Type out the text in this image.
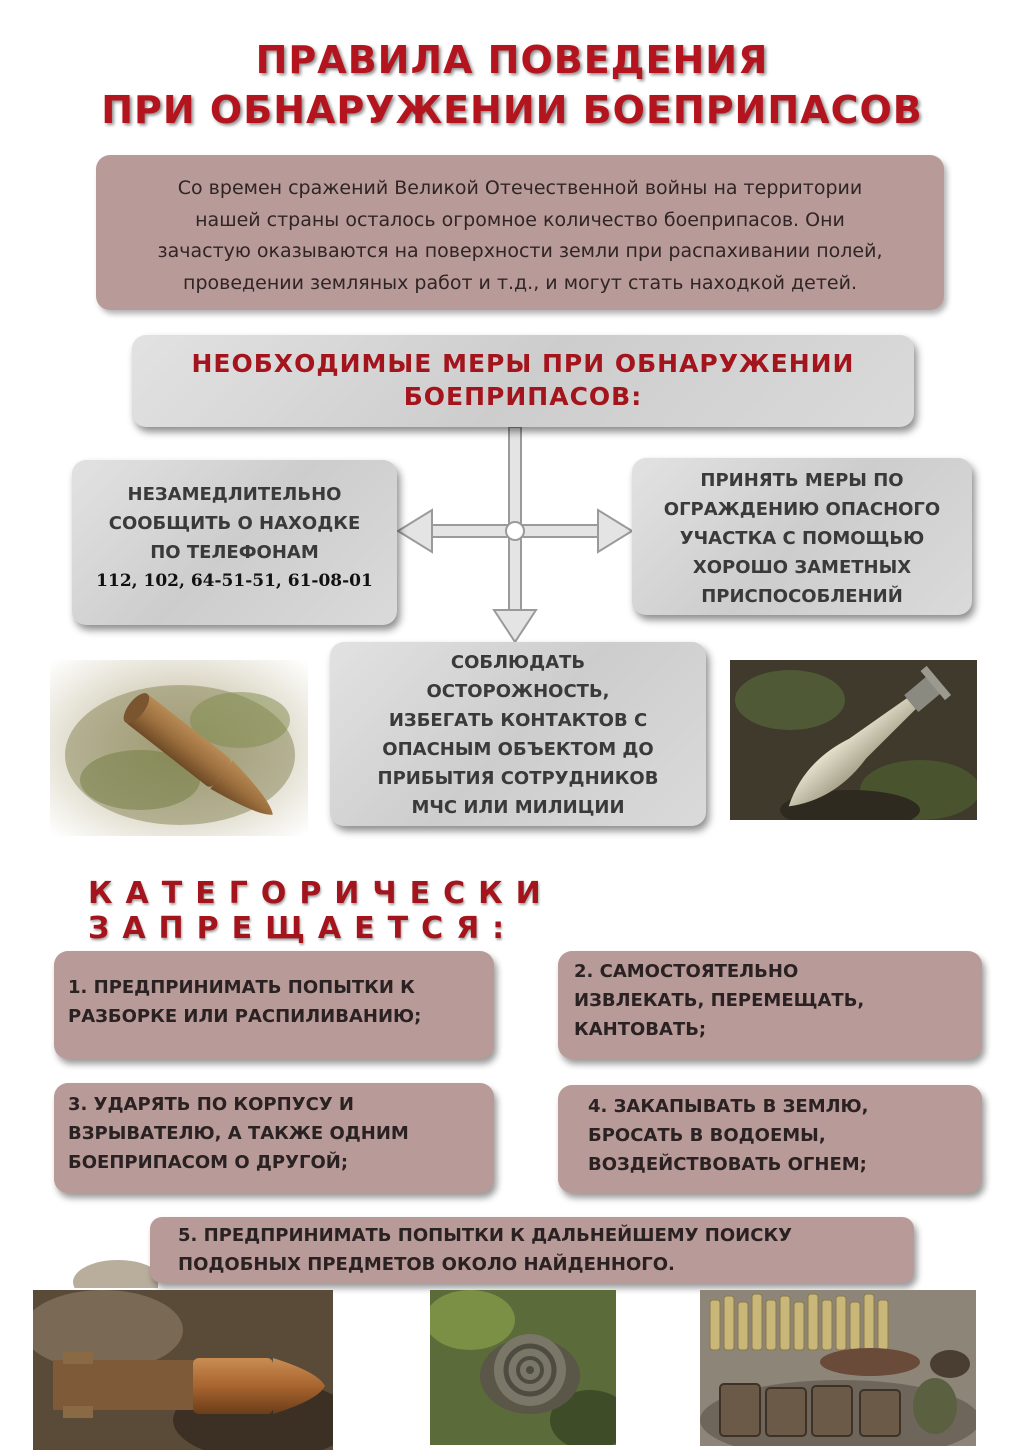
ПРАВИЛА ПОВЕДЕНИЯ
ПРИ ОБНАРУЖЕНИИ БОЕПРИПАСОВ
Со времен сражений Великой Отечественной войны на территории
нашей страны осталось огромное количество боеприпасов. Они
зачастую оказываются на поверхности земли при распахивании полей,
проведении земляных работ и т.д., и могут стать находкой детей.
НЕОБХОДИМЫЕ МЕРЫ ПРИ ОБНАРУЖЕНИИ
БОЕПРИПАСОВ:
НЕЗАМЕДЛИТЕЛЬНО
СООБЩИТЬ О НАХОДКЕ
ПО ТЕЛЕФОНАМ
112, 102, 64-51-51, 61-08-01
ПРИНЯТЬ МЕРЫ ПО
ОГРАЖДЕНИЮ ОПАСНОГО
УЧАСТКА С ПОМОЩЬЮ
ХОРОШО ЗАМЕТНЫХ
ПРИСПОСОБЛЕНИЙ
СОБЛЮДАТЬ
ОСТОРОЖНОСТЬ,
ИЗБЕГАТЬ КОНТАКТОВ С
ОПАСНЫМ ОБЪЕКТОМ ДО
ПРИБЫТИЯ СОТРУДНИКОВ
МЧС ИЛИ МИЛИЦИИ
КАТЕГОРИЧЕСКИ ЗАПРЕЩАЕТСЯ:
1. ПРЕДПРИНИМАТЬ ПОПЫТКИ К
РАЗБОРКЕ ИЛИ РАСПИЛИВАНИЮ;
2. САМОСТОЯТЕЛЬНО
ИЗВЛЕКАТЬ, ПЕРЕМЕЩАТЬ,
КАНТОВАТЬ;
3. УДАРЯТЬ ПО КОРПУСУ И
ВЗРЫВАТЕЛЮ, А ТАКЖЕ ОДНИМ
БОЕПРИПАСОМ О ДРУГОЙ;
4. ЗАКАПЫВАТЬ В ЗЕМЛЮ,
БРОСАТЬ В ВОДОЕМЫ,
ВОЗДЕЙСТВОВАТЬ ОГНЕМ;
5. ПРЕДПРИНИМАТЬ ПОПЫТКИ К ДАЛЬНЕЙШЕМУ ПОИСКУ
ПОДОБНЫХ ПРЕДМЕТОВ ОКОЛО НАЙДЕННОГО.
